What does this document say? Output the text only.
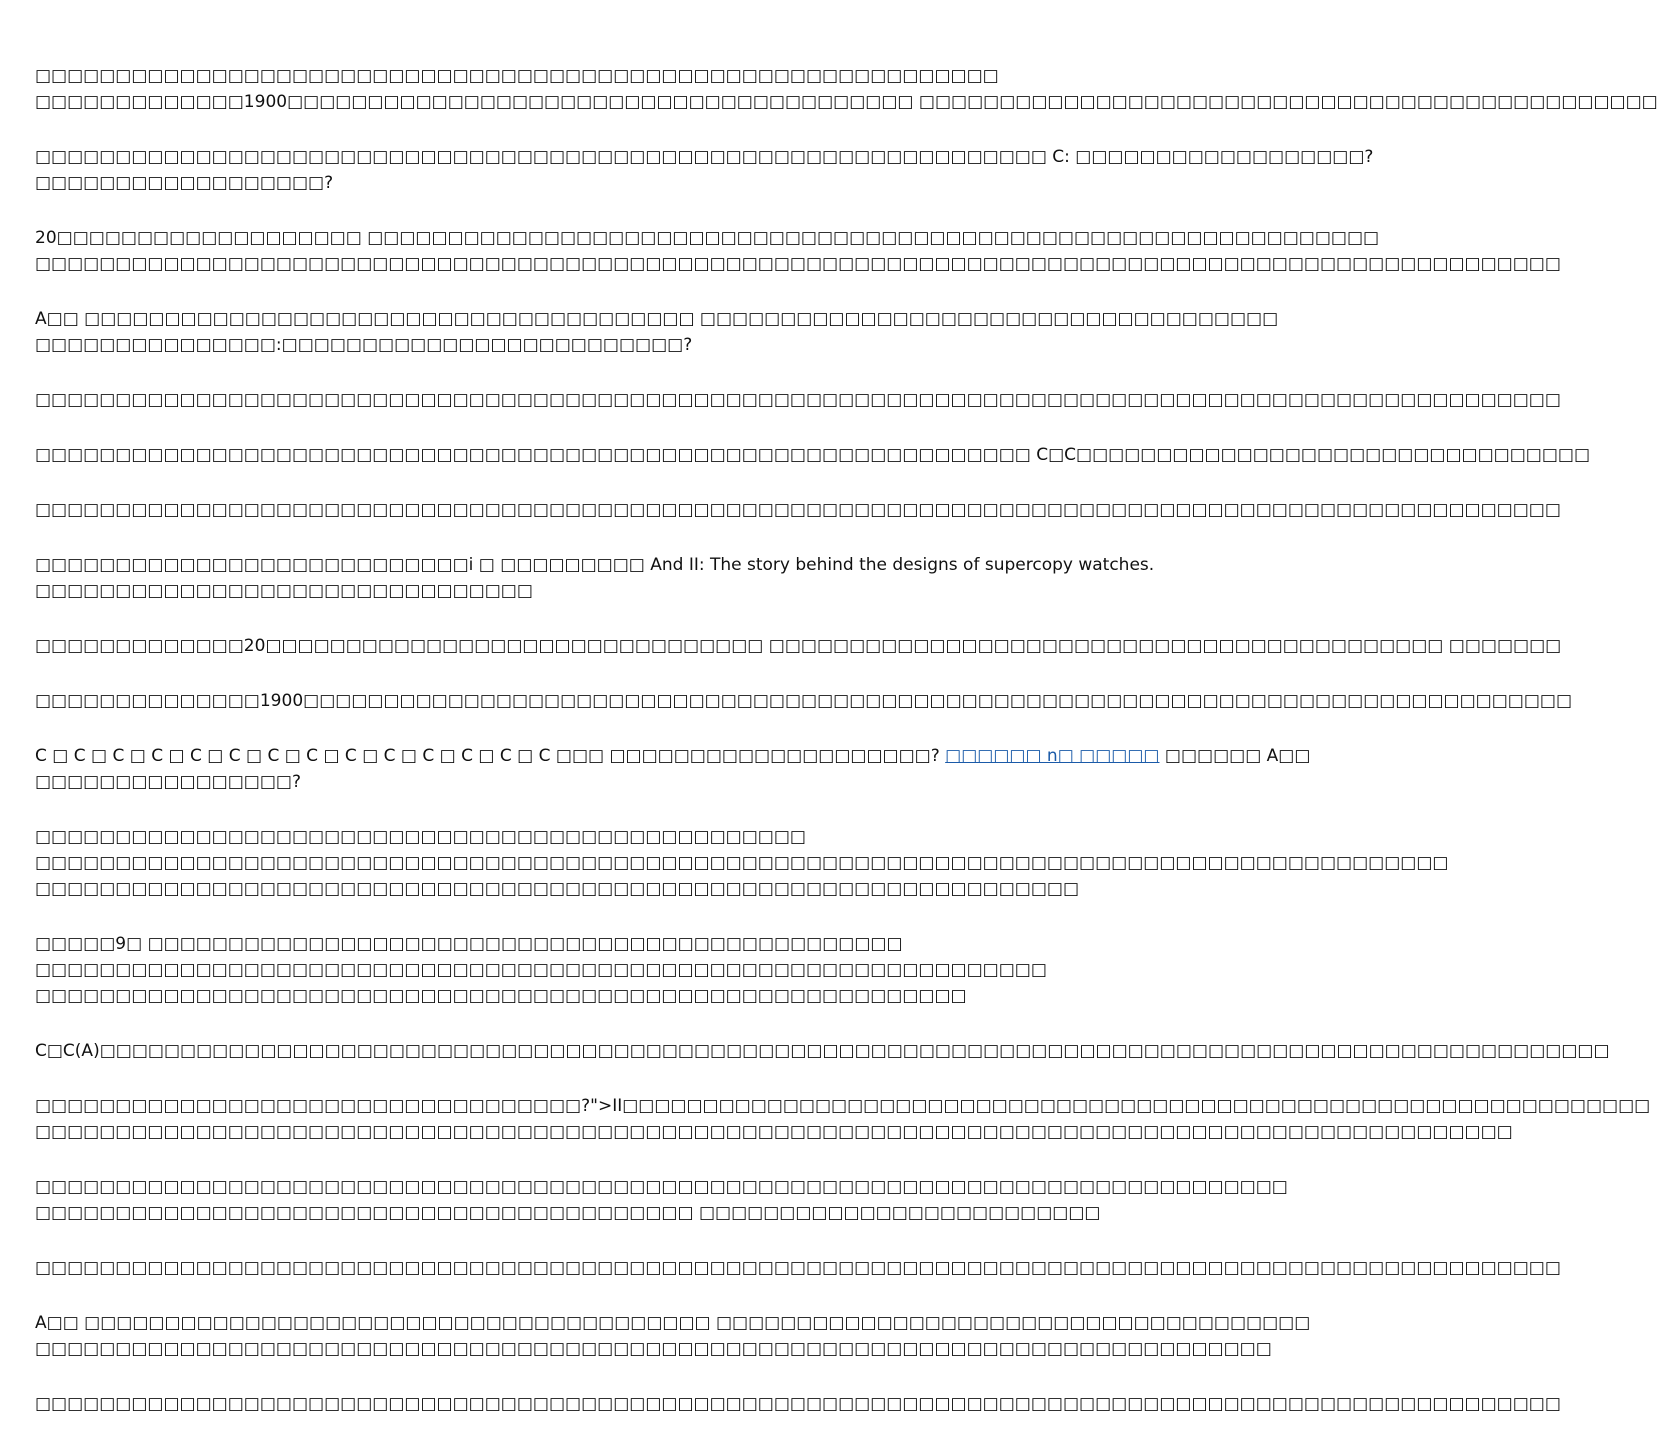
□□□□□□□□□□□□□□□□□□□□□□□□□□□□□□□□□□□□□□□□□□□□□□□□□□□□□□□□□□□□
□□□□□□□□□□□□□1900□□□□□□□□□□□□□□□□□□□□□□□□□□□□□□□□□□□□□□□ □□□□□□□□□□□□□□□□□□□□□□□□□□□□□□□□□□□□□□□□□□□□□□

□□□□□□□□□□□□□□□□□□□□□□□□□□□□□□□□□□□□□□□□□□□□□□□□□□□□□□□□□□□□□□□ C: □□□□□□□□□□□□□□□□□□?
□□□□□□□□□□□□□□□□□□?

20□□□□□□□□□□□□□□□□□□□ □□□□□□□□□□□□□□□□□□□□□□□□□□□□□□□□□□□□□□□□□□□□□□□□□□□□□□□□□□□□□□□
□□□□□□□□□□□□□□□□□□□□□□□□□□□□□□□□□□□□□□□□□□□□□□□□□□□□□□□□□□□□□□□□□□□□□□□□□□□□□□□□□□□□□□□□□□□□□□□

A□□ □□□□□□□□□□□□□□□□□□□□□□□□□□□□□□□□□□□□□□ □□□□□□□□□□□□□□□□□□□□□□□□□□□□□□□□□□□□
□□□□□□□□□□□□□□□:□□□□□□□□□□□□□□□□□□□□□□□□□?

□□□□□□□□□□□□□□□□□□□□□□□□□□□□□□□□□□□□□□□□□□□□□□□□□□□□□□□□□□□□□□□□□□□□□□□□□□□□□□□□□□□□□□□□□□□□□□□

□□□□□□□□□□□□□□□□□□□□□□□□□□□□□□□□□□□□□□□□□□□□□□□□□□□□□□□□□□□□□□ C□C□□□□□□□□□□□□□□□□□□□□□□□□□□□□□□□□

□□□□□□□□□□□□□□□□□□□□□□□□□□□□□□□□□□□□□□□□□□□□□□□□□□□□□□□□□□□□□□□□□□□□□□□□□□□□□□□□□□□□□□□□□□□□□□□

□□□□□□□□□□□□□□□□□□□□□□□□□□□i □ □□□□□□□□□ And II: The story behind the designs of supercopy watches.
□□□□□□□□□□□□□□□□□□□□□□□□□□□□□□□

□□□□□□□□□□□□□20□□□□□□□□□□□□□□□□□□□□□□□□□□□□□□□ □□□□□□□□□□□□□□□□□□□□□□□□□□□□□□□□□□□□□□□□□□ □□□□□□□

□□□□□□□□□□□□□□1900□□□□□□□□□□□□□□□□□□□□□□□□□□□□□□□□□□□□□□□□□□□□□□□□□□□□□□□□□□□□□□□□□□□□□□□□□□□□□□□

C □ C □ C □ C □ C □ C □ C □ C □ C □ C □ C □ C □ C □ C □□□ □□□□□□□□□□□□□□□□□□□□? □□□□□□ n□ □□□□□ □□□□□□ A□□
□□□□□□□□□□□□□□□□?

□□□□□□□□□□□□□□□□□□□□□□□□□□□□□□□□□□□□□□□□□□□□□□□□
□□□□□□□□□□□□□□□□□□□□□□□□□□□□□□□□□□□□□□□□□□□□□□□□□□□□□□□□□□□□□□□□□□□□□□□□□□□□□□□□□□□□□□□□
□□□□□□□□□□□□□□□□□□□□□□□□□□□□□□□□□□□□□□□□□□□□□□□□□□□□□□□□□□□□□□□□□

□□□□□9□ □□□□□□□□□□□□□□□□□□□□□□□□□□□□□□□□□□□□□□□□□□□□□□□
□□□□□□□□□□□□□□□□□□□□□□□□□□□□□□□□□□□□□□□□□□□□□□□□□□□□□□□□□□□□□□□
□□□□□□□□□□□□□□□□□□□□□□□□□□□□□□□□□□□□□□□□□□□□□□□□□□□□□□□□□□

C□C(A)□□□□□□□□□□□□□□□□□□□□□□□□□□□□□□□□□□□□□□□□□□□□□□□□□□□□□□□□□□□□□□□□□□□□□□□□□□□□□□□□□□□□□□□□□□□□□□

□□□□□□□□□□□□□□□□□□□□□□□□□□□□□□□□□□?">II□□□□□□□□□□□□□□□□□□□□□□□□□□□□□□□□□□□□□□□□□□□□□□□□□□□□□□□□□□□□□□□□
□□□□□□□□□□□□□□□□□□□□□□□□□□□□□□□□□□□□□□□□□□□□□□□□□□□□□□□□□□□□□□□□□□□□□□□□□□□□□□□□□□□□□□□□□□□□

□□□□□□□□□□□□□□□□□□□□□□□□□□□□□□□□□□□□□□□□□□□□□□□□□□□□□□□□□□□□□□□□□□□□□□□□□□□□□□
□□□□□□□□□□□□□□□□□□□□□□□□□□□□□□□□□□□□□□□□□ □□□□□□□□□□□□□□□□□□□□□□□□□

□□□□□□□□□□□□□□□□□□□□□□□□□□□□□□□□□□□□□□□□□□□□□□□□□□□□□□□□□□□□□□□□□□□□□□□□□□□□□□□□□□□□□□□□□□□□□□□

A□□ □□□□□□□□□□□□□□□□□□□□□□□□□□□□□□□□□□□□□□□ □□□□□□□□□□□□□□□□□□□□□□□□□□□□□□□□□□□□□
□□□□□□□□□□□□□□□□□□□□□□□□□□□□□□□□□□□□□□□□□□□□□□□□□□□□□□□□□□□□□□□□□□□□□□□□□□□□□

□□□□□□□□□□□□□□□□□□□□□□□□□□□□□□□□□□□□□□□□□□□□□□□□□□□□□□□□□□□□□□□□□□□□□□□□□□□□□□□□□□□□□□□□□□□□□□□
